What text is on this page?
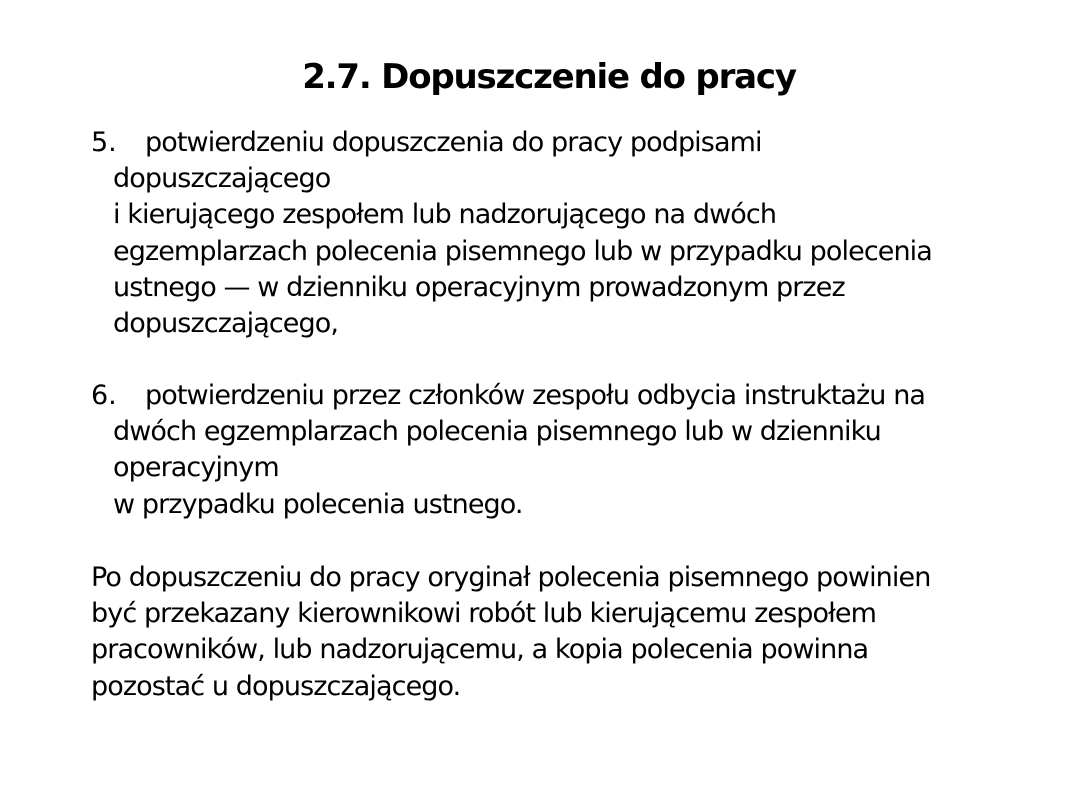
2.7. Dopuszczenie do pracy
5.	potwierdzeniu dopuszczenia do pracy podpisami
dopuszczającego
i kierującego zespołem lub nadzorującego na dwóch
egzemplarzach polecenia pisemnego lub w przypadku polecenia
ustnego — w dzienniku operacyjnym prowadzonym przez
dopuszczającego,
6.	potwierdzeniu przez członków zespołu odbycia instruktażu na
dwóch egzemplarzach polecenia pisemnego lub w dzienniku
operacyjnym
w przypadku polecenia ustnego.
Po dopuszczeniu do pracy oryginał polecenia pisemnego powinien
być przekazany kierownikowi robót lub kierującemu zespołem
pracowników, lub nadzorującemu, a kopia polecenia powinna
pozostać u dopuszczającego.
